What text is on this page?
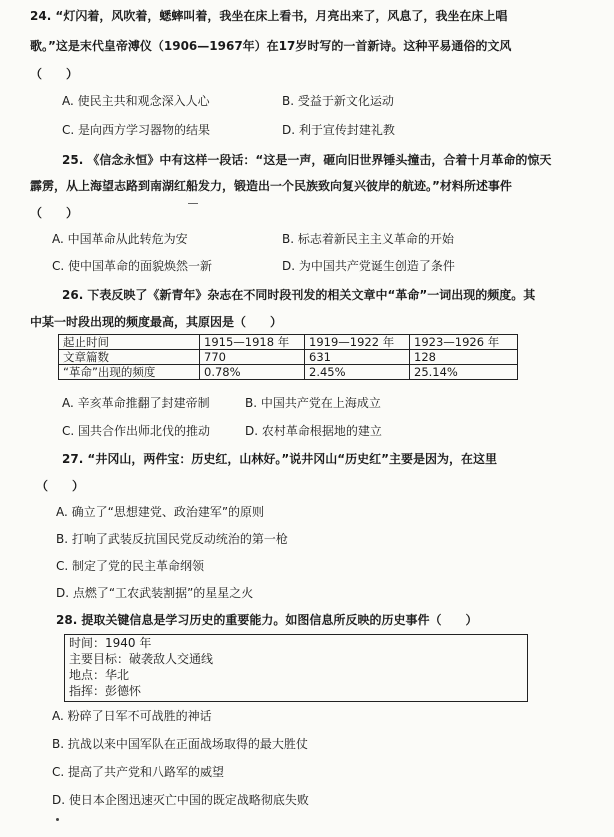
24. “灯闪着，风吹着，蟋蟀叫着，我坐在床上看书，月亮出来了，风息了，我坐在床上唱
歌。”这是末代皇帝溥仪（1906—1967年）在17岁时写的一首新诗。这种平易通俗的文风
（　　）
A. 使民主共和观念深入人心	B. 受益于新文化运动
C. 是向西方学习器物的结果	D. 利于宣传封建礼教
25. 《信念永恒》中有这样一段话：“这是一声，砸向旧世界锤头撞击，合着十月革命的惊天
霹雳，从上海望志路到南湖红船发力，锻造出一个民族致向复兴彼岸的航迹。”材料所述事件
（　　）
A. 中国革命从此转危为安	B. 标志着新民主主义革命的开始
C. 使中国革命的面貌焕然一新	D. 为中国共产党诞生创造了条件
26. 下表反映了《新青年》杂志在不同时段刊发的相关文章中“革命”一词出现的频度。其
中某一时段出现的频度最高，其原因是（　　）
起止时间	1915—1918 年	1919—1922 年	1923—1926 年
文章篇数	770	631	128
“革命”出现的频度	0.78%	2.45%	25.14%
A. 辛亥革命推翻了封建帝制	B. 中国共产党在上海成立
C. 国共合作出师北伐的推动	D. 农村革命根据地的建立
27. “井冈山，两件宝：历史红，山林好。”说井冈山“历史红”主要是因为，在这里
（　　）
A. 确立了“思想建党、政治建军”的原则
B. 打响了武装反抗国民党反动统治的第一枪
C. 制定了党的民主革命纲领
D. 点燃了“工农武装割据”的星星之火
28. 提取关键信息是学习历史的重要能力。如图信息所反映的历史事件（　　）
时间：1940 年
主要目标：破袭敌人交通线
地点：华北
指挥：彭德怀
A. 粉碎了日军不可战胜的神话
B. 抗战以来中国军队在正面战场取得的最大胜仗
C. 提高了共产党和八路军的威望
D. 使日本企图迅速灭亡中国的既定战略彻底失败
